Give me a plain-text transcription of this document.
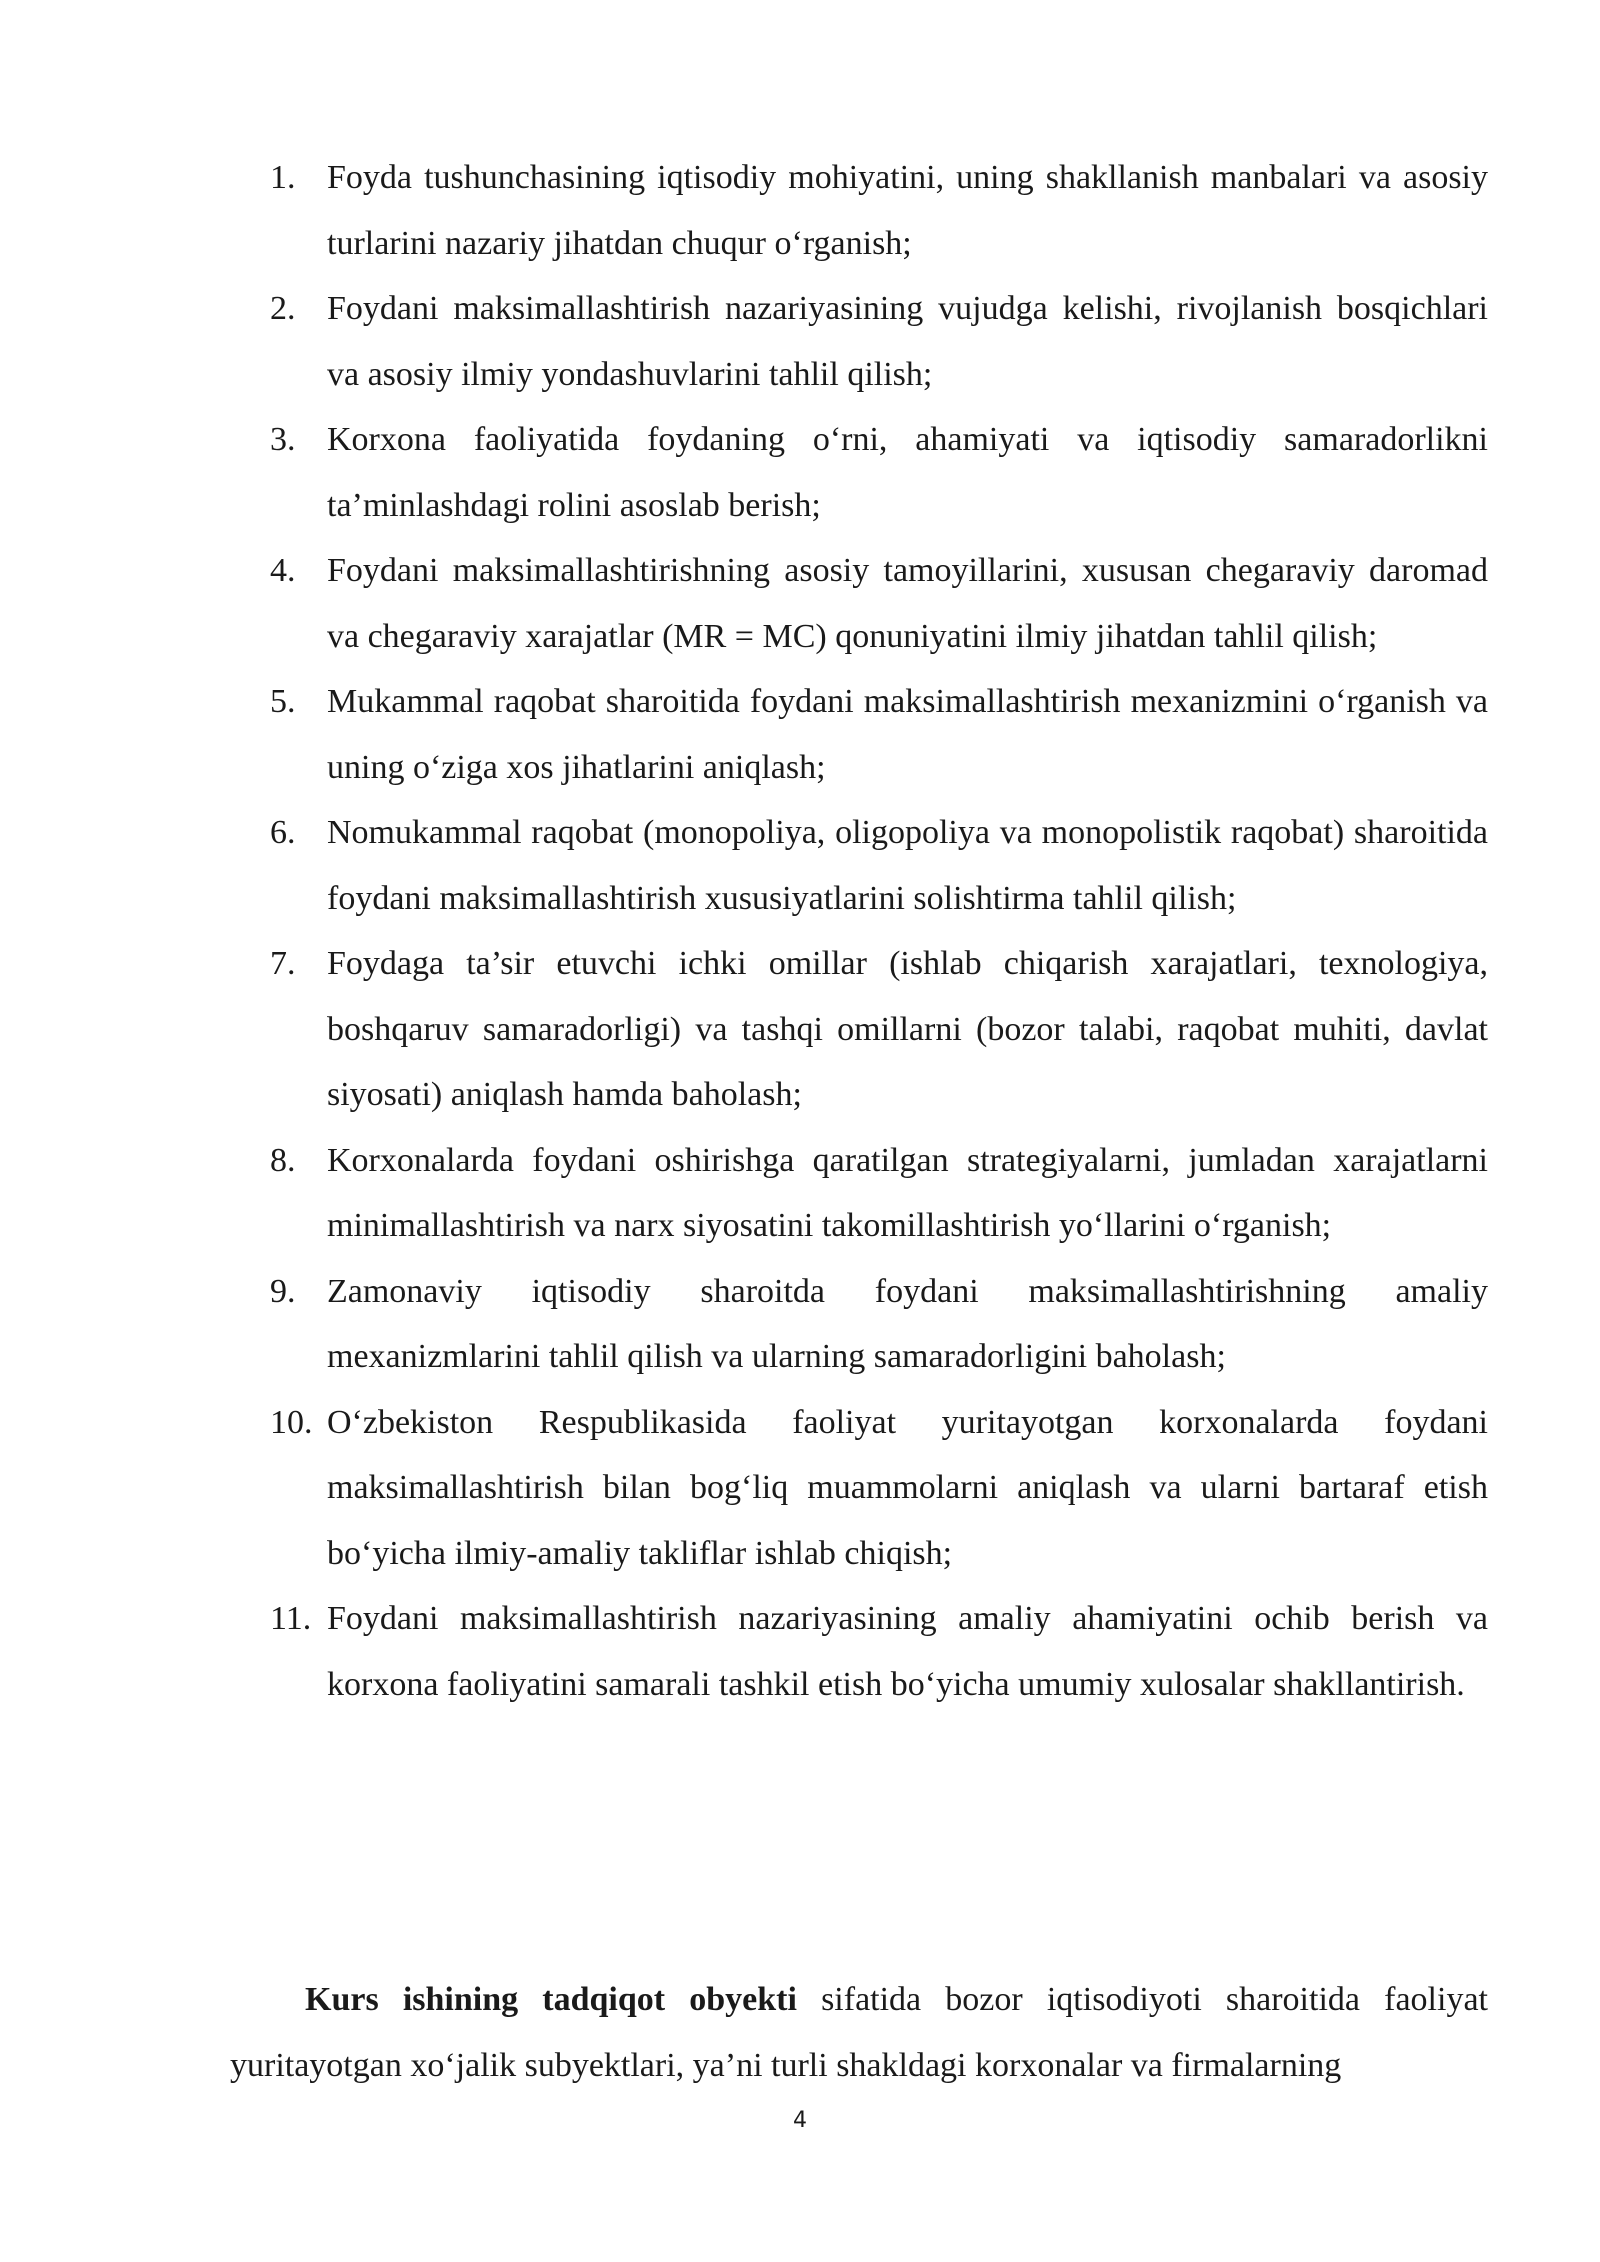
1. Foyda tushunchasining iqtisodiy mohiyatini, uning shakllanish manbalari va asosiy turlarini nazariy jihatdan chuqur o‘rganish;
2. Foydani maksimallashtirish nazariyasining vujudga kelishi, rivojlanish bosqichlari va asosiy ilmiy yondashuvlarini tahlil qilish;
3. Korxona faoliyatida foydaning o‘rni, ahamiyati va iqtisodiy samaradorlikni ta’minlashdagi rolini asoslab berish;
4. Foydani maksimallashtirishning asosiy tamoyillarini, xususan chegaraviy daromad va chegaraviy xarajatlar (MR = MC) qonuniyatini ilmiy jihatdan tahlil qilish;
5. Mukammal raqobat sharoitida foydani maksimallashtirish mexanizmini o‘rganish va uning o‘ziga xos jihatlarini aniqlash;
6. Nomukammal raqobat (monopoliya, oligopoliya va monopolistik raqobat) sharoitida foydani maksimallashtirish xususiyatlarini solishtirma tahlil qilish;
7. Foydaga ta’sir etuvchi ichki omillar (ishlab chiqarish xarajatlari, texnologiya, boshqaruv samaradorligi) va tashqi omillarni (bozor talabi, raqobat muhiti, davlat siyosati) aniqlash hamda baholash;
8. Korxonalarda foydani oshirishga qaratilgan strategiyalarni, jumladan xarajatlarni minimallashtirish va narx siyosatini takomillashtirish yo‘llarini o‘rganish;
9. Zamonaviy iqtisodiy sharoitda foydani maksimallashtirishning amaliy mexanizmlarini tahlil qilish va ularning samaradorligini baholash;
10. O‘zbekiston Respublikasida faoliyat yuritayotgan korxonalarda foydani maksimallashtirish bilan bog‘liq muammolarni aniqlash va ularni bartaraf etish bo‘yicha ilmiy-amaliy takliflar ishlab chiqish;
11. Foydani maksimallashtirish nazariyasining amaliy ahamiyatini ochib berish va korxona faoliyatini samarali tashkil etish bo‘yicha umumiy xulosalar shakllantirish.

Kurs ishining tadqiqot obyekti sifatida bozor iqtisodiyoti sharoitida faoliyat yuritayotgan xo‘jalik subyektlari, ya’ni turli shakldagi korxonalar va firmalarning

4
